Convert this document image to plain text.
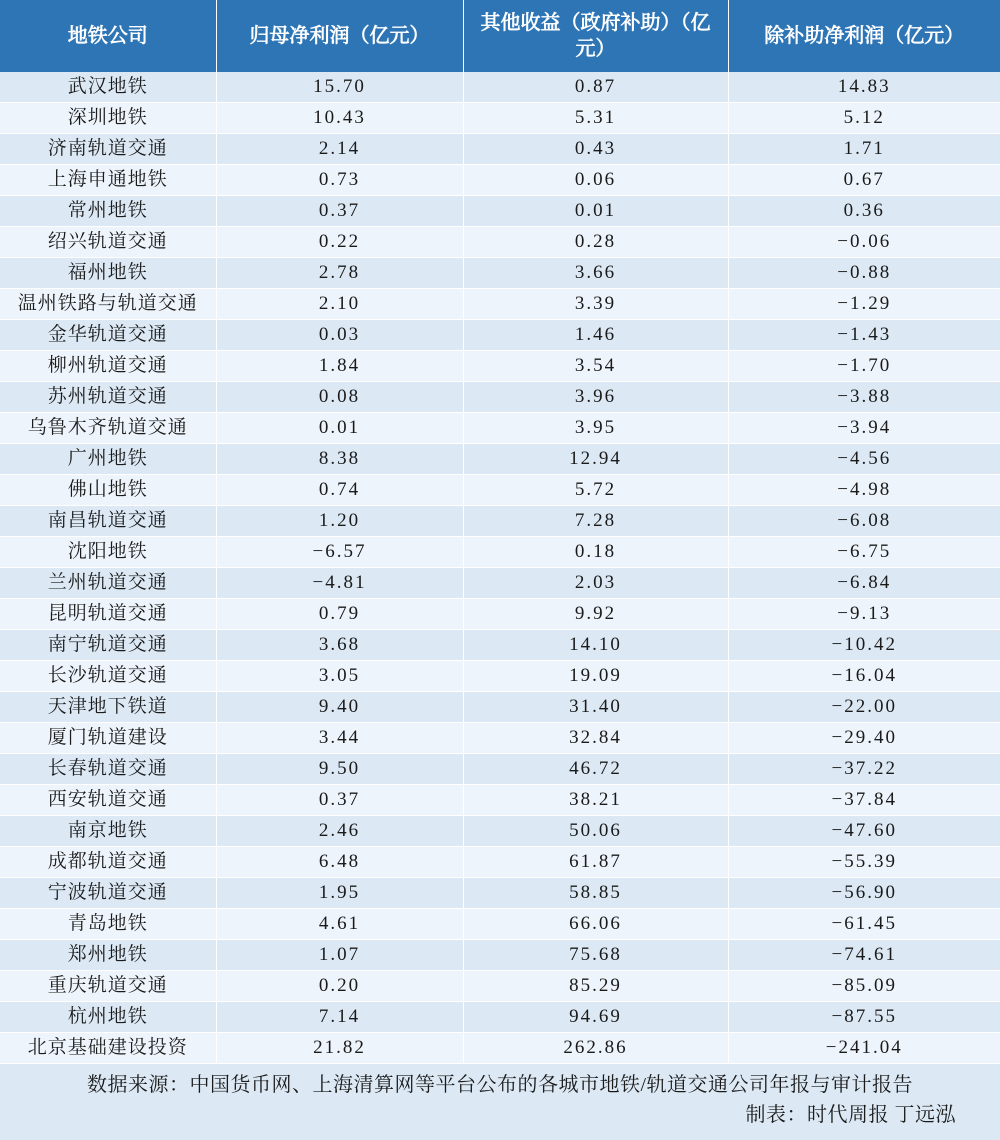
地铁公司	归母净利润（亿元）	其他收益（政府补助）（亿元）	除补助净利润（亿元）
武汉地铁	15.70	0.87	14.83
深圳地铁	10.43	5.31	5.12
济南轨道交通	2.14	0.43	1.71
上海申通地铁	0.73	0.06	0.67
常州地铁	0.37	0.01	0.36
绍兴轨道交通	0.22	0.28	−0.06
福州地铁	2.78	3.66	−0.88
温州铁路与轨道交通	2.10	3.39	−1.29
金华轨道交通	0.03	1.46	−1.43
柳州轨道交通	1.84	3.54	−1.70
苏州轨道交通	0.08	3.96	−3.88
乌鲁木齐轨道交通	0.01	3.95	−3.94
广州地铁	8.38	12.94	−4.56
佛山地铁	0.74	5.72	−4.98
南昌轨道交通	1.20	7.28	−6.08
沈阳地铁	−6.57	0.18	−6.75
兰州轨道交通	−4.81	2.03	−6.84
昆明轨道交通	0.79	9.92	−9.13
南宁轨道交通	3.68	14.10	−10.42
长沙轨道交通	3.05	19.09	−16.04
天津地下铁道	9.40	31.40	−22.00
厦门轨道建设	3.44	32.84	−29.40
长春轨道交通	9.50	46.72	−37.22
西安轨道交通	0.37	38.21	−37.84
南京地铁	2.46	50.06	−47.60
成都轨道交通	6.48	61.87	−55.39
宁波轨道交通	1.95	58.85	−56.90
青岛地铁	4.61	66.06	−61.45
郑州地铁	1.07	75.68	−74.61
重庆轨道交通	0.20	85.29	−85.09
杭州地铁	7.14	94.69	−87.55
北京基础建设投资	21.82	262.86	−241.04
数据来源：中国货币网、上海清算网等平台公布的各城市地铁/轨道交通公司年报与审计报告
制表：时代周报 丁远泓
